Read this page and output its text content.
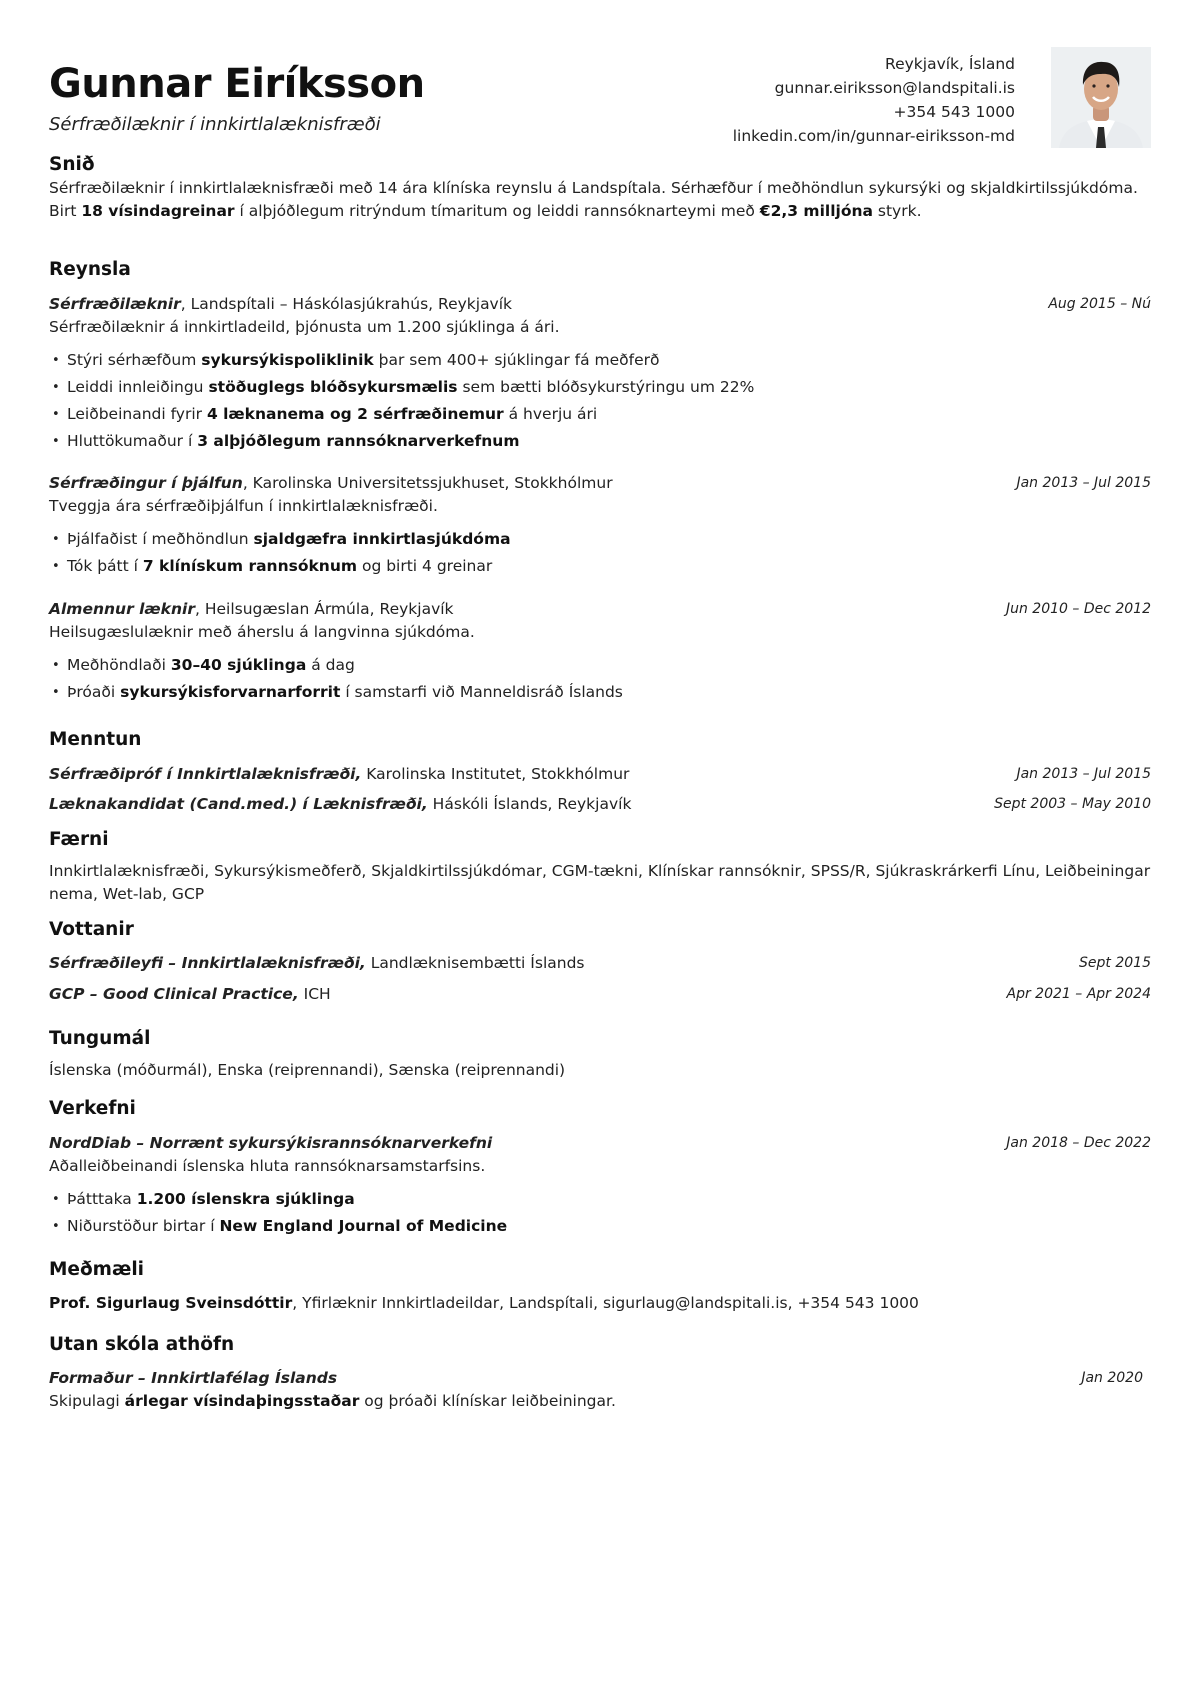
Gunnar Eiríksson

Sérfræðilæknir í innkirtlalæknisfræði

Reykjavík, Ísland
gunnar.eiriksson@landspitali.is
+354 543 1000
linkedin.com/in/gunnar-eiriksson-md
Snið

Sérfræðilæknir í innkirtlalæknisfræði með 14 ára klíníska reynslu á Landspítala. Sérhæfður í meðhöndlun sykursýki og skjaldkirtilssjúkdóma. Birt 18 vísindagreinar í alþjóðlegum ritrýndum tímaritum og leiddi rannsóknarteymi með €2,3 milljóna styrk.

Reynsla
Sérfræðilæknir, Landspítali – Háskólasjúkrahús, Reykjavík	Aug 2015 – Nú

Sérfræðilæknir á innkirtladeild, þjónusta um 1.200 sjúklinga á ári.

• Stýri sérhæfðum sykursýkispoliklinik þar sem 400+ sjúklingar fá meðferð
• Leiddi innleiðingu stöðuglegs blóðsykursmælis sem bætti blóðsykurstýringu um 22%
• Leiðbeinandi fyrir 4 læknanema og 2 sérfræðinemur á hverju ári
• Hluttökumaður í 3 alþjóðlegum rannsóknarverkefnum
Sérfræðingur í þjálfun, Karolinska Universitetssjukhuset, Stokkhólmur	Jan 2013 – Jul 2015

Tveggja ára sérfræðiþjálfun í innkirtlalæknisfræði.

• Þjálfaðist í meðhöndlun sjaldgæfra innkirtlasjúkdóma
• Tók þátt í 7 klínískum rannsóknum og birti 4 greinar
Almennur læknir, Heilsugæslan Ármúla, Reykjavík	Jun 2010 – Dec 2012

Heilsugæslulæknir með áherslu á langvinna sjúkdóma.

• Meðhöndlaði 30–40 sjúklinga á dag
• Þróaði sykursýkisforvarnarforrit í samstarfi við Manneldisráð Íslands
Menntun
Sérfræðipróf í Innkirtlalæknisfræði, Karolinska Institutet, Stokkhólmur	Jan 2013 – Jul 2015
Læknakandidat (Cand.med.) í Læknisfræði, Háskóli Íslands, Reykjavík	Sept 2003 – May 2010
Færni

Innkirtlalæknisfræði, Sykursýkismeðferð, Skjaldkirtilssjúkdómar, CGM-tækni, Klínískar rannsóknir, SPSS/R, Sjúkraskrárkerfi Línu, Leiðbeiningar nema, Wet-lab, GCP

Vottanir
Sérfræðileyfi – Innkirtlalæknisfræði, Landlæknisembætti Íslands	Sept 2015
GCP – Good Clinical Practice, ICH	Apr 2021 – Apr 2024
Tungumál

Íslenska (móðurmál), Enska (reiprennandi), Sænska (reiprennandi)

Verkefni
NordDiab – Norrænt sykursýkisrannsóknarverkefni	Jan 2018 – Dec 2022

Aðalleiðbeinandi íslenska hluta rannsóknarsamstarfsins.

• Þátttaka 1.200 íslenskra sjúklinga
• Niðurstöður birtar í New England Journal of Medicine
Meðmæli

Prof. Sigurlaug Sveinsdóttir, Yfirlæknir Innkirtladeildar, Landspítali, sigurlaug@landspitali.is, +354 543 1000

Utan skóla athöfn
Formaður – Innkirtlafélag Íslands	Jan 2020

Skipulagi árlegar vísindaþingsstaðar og þróaði klínískar leiðbeiningar.
